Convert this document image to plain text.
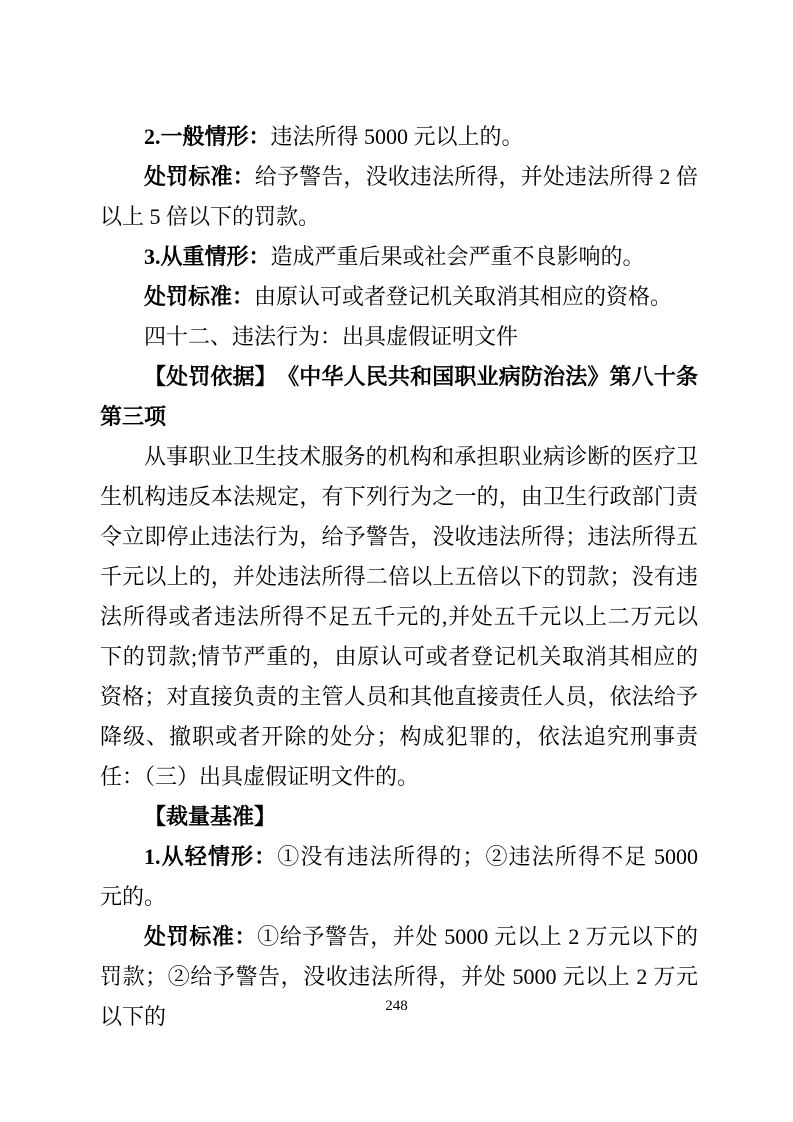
2.一般情形：违法所得 5000 元以上的。

处罚标准：给予警告，没收违法所得，并处违法所得 2 倍以上 5 倍以下的罚款。

3.从重情形：造成严重后果或社会严重不良影响的。

处罚标准：由原认可或者登记机关取消其相应的资格。

四十二、违法行为：出具虚假证明文件

【处罚依据】　《中华人民共和国职业病防治法》第八十条第三项

从事职业卫生技术服务的机构和承担职业病诊断的医疗卫生机构违反本法规定，有下列行为之一的，由卫生行政部门责令立即停止违法行为，给予警告，没收违法所得；违法所得五千元以上的，并处违法所得二倍以上五倍以下的罚款；没有违法所得或者违法所得不足五千元的,并处五千元以上二万元以下的罚款;情节严重的，由原认可或者登记机关取消其相应的资格；对直接负责的主管人员和其他直接责任人员，依法给予降级、撤职或者开除的处分；构成犯罪的，依法追究刑事责任：（三）出具虚假证明文件的。

【裁量基准】

1.从轻情形：①没有违法所得的；②违法所得不足 5000 元的。

处罚标准：①给予警告，并处 5000 元以上 2 万元以下的罚款；②给予警告，没收违法所得，并处 5000 元以上 2 万元以下的	248
